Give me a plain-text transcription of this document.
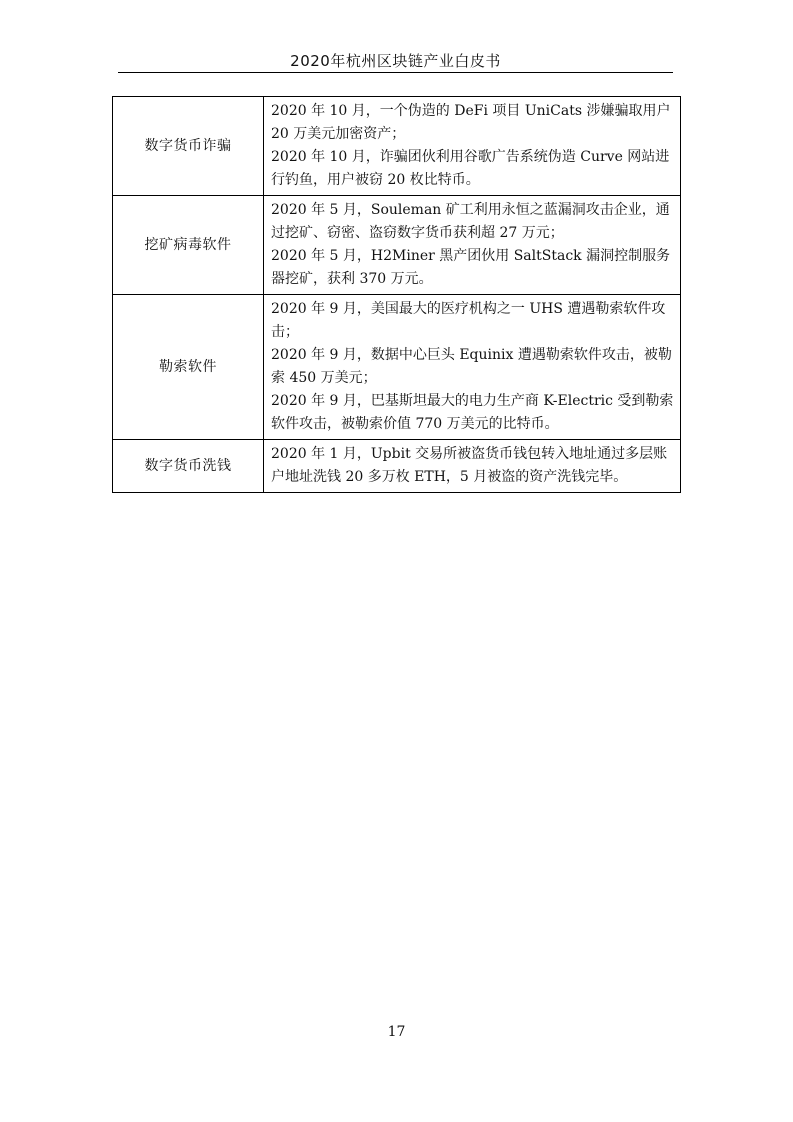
2020年杭州区块链产业白皮书
数字货币诈骗	2020 年 10 月，一个伪造的 DeFi 项目 UniCats 涉嫌骗取用户 20 万美元加密资产；
2020 年 10 月，诈骗团伙利用谷歌广告系统伪造 Curve 网站进行钓鱼，用户被窃 20 枚比特币。

挖矿病毒软件	2020 年 5 月，Souleman 矿工利用永恒之蓝漏洞攻击企业，通过挖矿、窃密、盗窃数字货币获利超 27 万元；
2020 年 5 月，H2Miner 黑产团伙用 SaltStack 漏洞控制服务器挖矿，获利 370 万元。

勒索软件	2020 年 9 月，美国最大的医疗机构之一 UHS 遭遇勒索软件攻击；
2020 年 9 月，数据中心巨头 Equinix 遭遇勒索软件攻击，被勒索 450 万美元；
2020 年 9 月，巴基斯坦最大的电力生产商 K-Electric 受到勒索软件攻击，被勒索价值 770 万美元的比特币。

数字货币洗钱	2020 年 1 月，Upbit 交易所被盗货币钱包转入地址通过多层账户地址洗钱 20 多万枚 ETH，5 月被盗的资产洗钱完毕。
17
